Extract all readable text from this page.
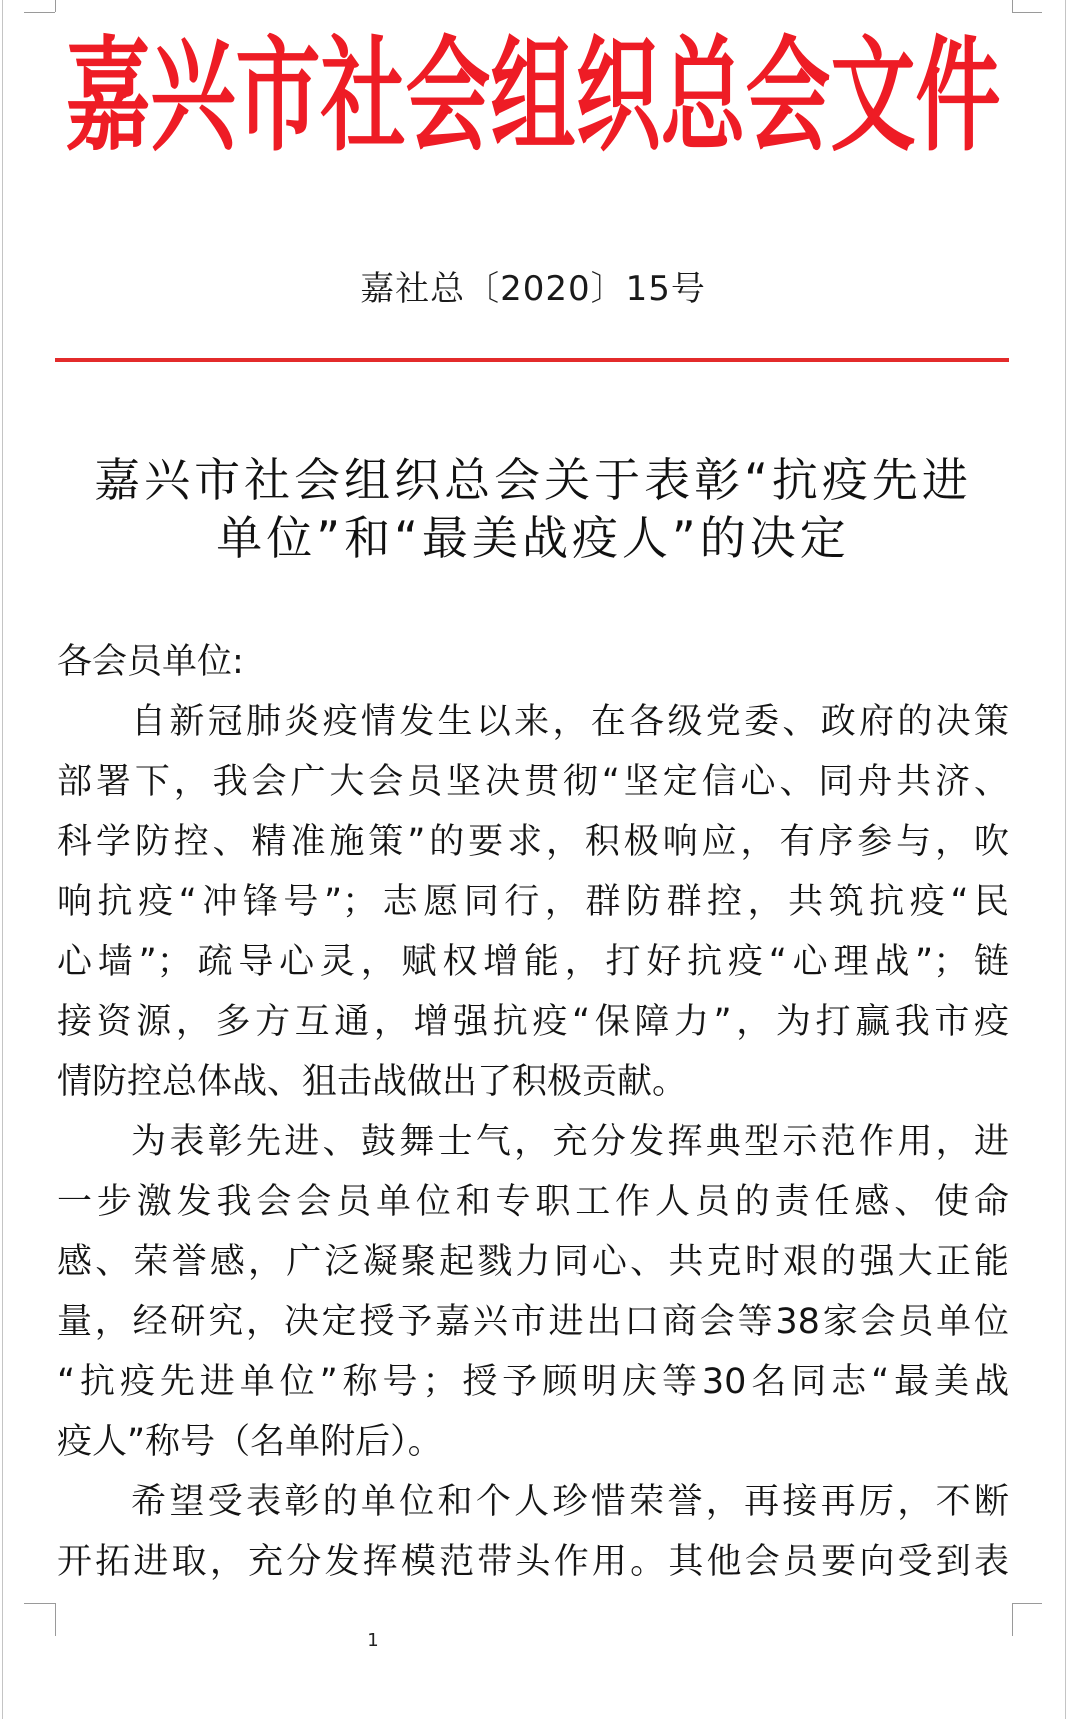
嘉兴市社会组织总会文件
嘉社总〔2020〕15号
嘉兴市社会组织总会关于表彰“抗疫先进
单位”和“最美战疫人”的决定
各会员单位:
自新冠肺炎疫情发生以来，在各级党委、政府的决策
部署下，我会广大会员坚决贯彻“坚定信心、同舟共济、
科学防控、精准施策”的要求，积极响应，有序参与，吹
响抗疫“冲锋号”；志愿同行，群防群控，共筑抗疫“民
心墙”；疏导心灵，赋权增能，打好抗疫“心理战”；链
接资源，多方互通，增强抗疫“保障力”，为打赢我市疫
情防控总体战、狙击战做出了积极贡献。
为表彰先进、鼓舞士气，充分发挥典型示范作用，进
一步激发我会会员单位和专职工作人员的责任感、使命
感、荣誉感，广泛凝聚起戮力同心、共克时艰的强大正能
量，经研究，决定授予嘉兴市进出口商会等38家会员单位
“抗疫先进单位”称号；授予顾明庆等30名同志“最美战
疫人”称号（名单附后）。
希望受表彰的单位和个人珍惜荣誉，再接再厉，不断
开拓进取，充分发挥模范带头作用。其他会员要向受到表
1
